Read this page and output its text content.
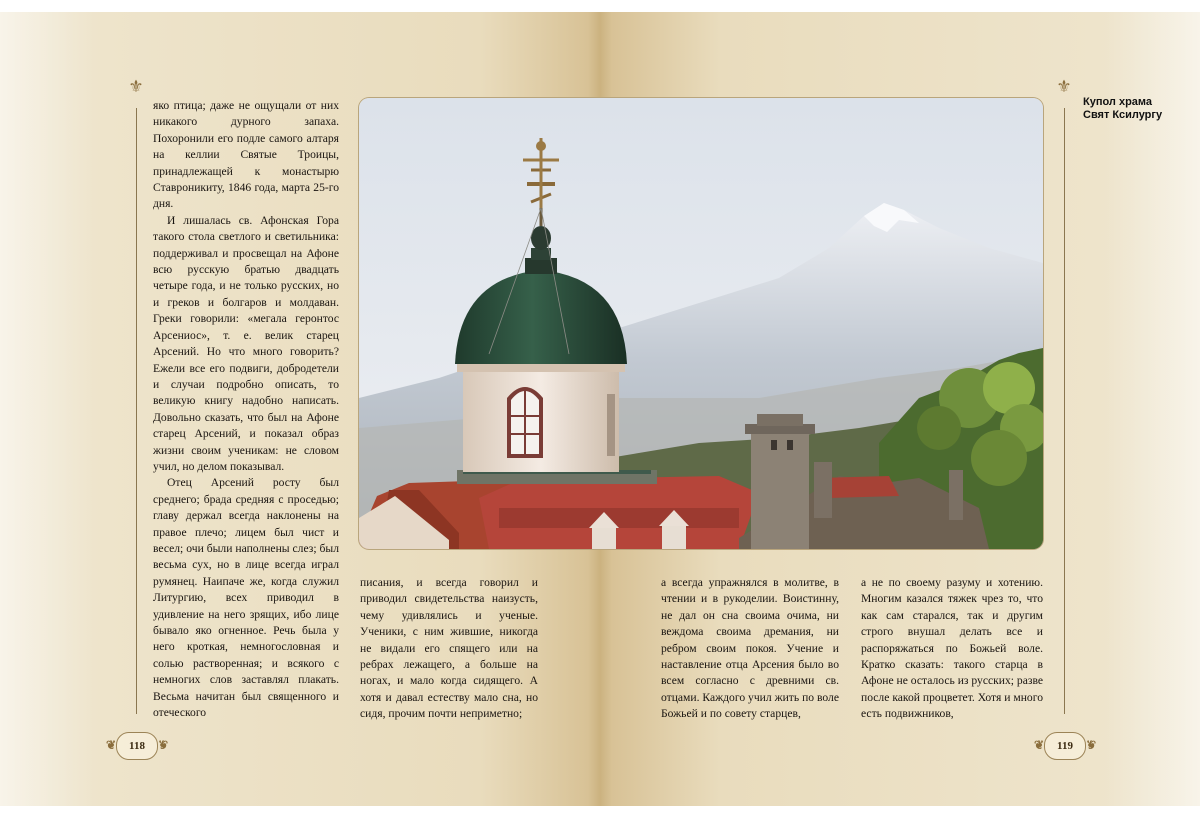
⚜	⚜

яко птица; даже не ощущали от них никакого дурного запаха. Похоронили его подле самого алтаря на келлии Святые Троицы, принадлежащей к монастырю Ставроникиту, 1846 года, марта 25-го дня.

И лишалась св. Афонская Гора такого стола светлого и светильника: поддерживал и просвещал на Афоне всю русскую братью двадцать четыре года, и не только русских, но и греков и болгаров и молдаван. Греки говорили: «мегала геронтос Арсениос», т. е. велик старец Арсений. Но что много говорить? Ежели все его подвиги, добродетели и случаи подробно описать, то великую книгу надобно написать. Довольно сказать, что был на Афоне старец Арсений, и показал образ жизни своим ученикам: не словом учил, но делом показывал.

Отец Арсений росту был среднего; брада средняя с проседью; главу держал всегда наклонены на правое плечо; лицем был чист и весел; очи были наполнены слез; был весьма сух, но в лице всегда играл румянец. Наипаче же, когда служил Литургию, всех приводил в удивление на него зрящих, ибо лице бывало яко огненное. Речь была у него кроткая, немногословная и солью растворенная; и всякого с немногих слов заставлял плакать. Весьма начитан был священного и отеческого

Купол храма Свят Ксилургу

писания, и всегда говорил и приводил свидетельства наизусть, чему удивлялись и ученые. Ученики, с ним жившие, никогда не видали его спящего или на ребрах лежащего, а больше на ногах, и мало когда сидящего. А хотя и давал естеству мало сна, но сидя, прочим почти неприметно;

а всегда упражнялся в молитве, в чтении и в рукоделии. Воистинну, не дал он сна своима очима, ни веждома своима дремания, ни ребром своим покоя. Учение и наставление отца Арсения было во всем согласно с древними св. отцами. Каждого учил жить по воле Божьей и по совету старцев,

а не по своему разуму и хотению. Многим казался тяжек чрез то, что как сам старался, так и другим строго внушал делать все и распоряжаться по Божьей воле. Кратко сказать: такого старца в Афоне не осталось из русских; разве после какой процветет. Хотя и много есть подвижников,

❦ 118 ❦
❦	119 ❦
